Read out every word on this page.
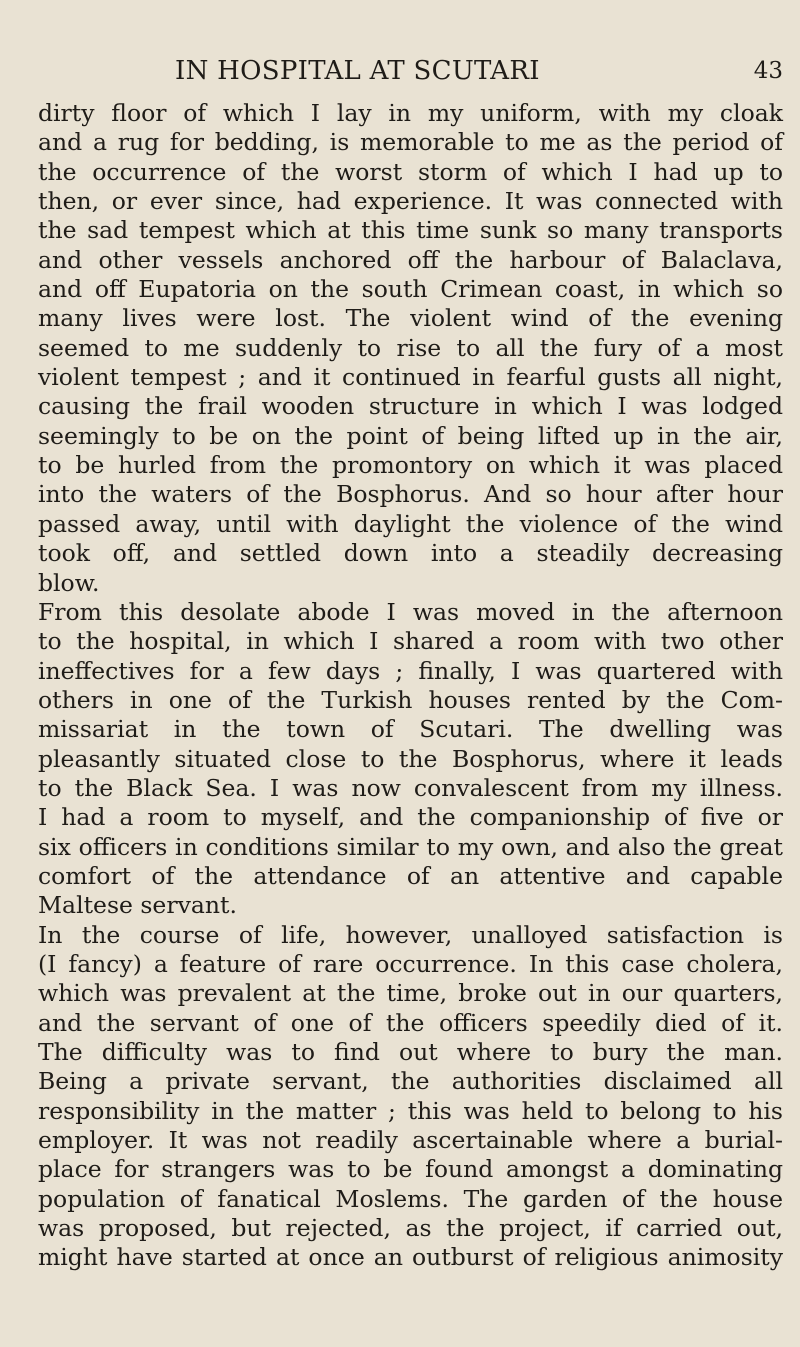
IN HOSPITAL AT SCUTARI	43
dirty floor of which I lay in my uniform, with my cloak
and a rug for bedding, is memorable to me as the period of
the occurrence of the worst storm of which I had up to
then, or ever since, had experience. It was connected with
the sad tempest which at this time sunk so many transports
and other vessels anchored off the harbour of Balaclava,
and off Eupatoria on the south Crimean coast, in which so
many lives were lost. The violent wind of the evening
seemed to me suddenly to rise to all the fury of a most
violent tempest ; and it continued in fearful gusts all night,
causing the frail wooden structure in which I was lodged
seemingly to be on the point of being lifted up in the air,
to be hurled from the promontory on which it was placed
into the waters of the Bosphorus. And so hour after hour
passed away, until with daylight the violence of the wind
took off, and settled down into a steadily decreasing
blow.
From this desolate abode I was moved in the afternoon
to the hospital, in which I shared a room with two other
ineffectives for a few days ; finally, I was quartered with
others in one of the Turkish houses rented by the Com-
missariat in the town of Scutari. The dwelling was
pleasantly situated close to the Bosphorus, where it leads
to the Black Sea. I was now convalescent from my illness.
I had a room to myself, and the companionship of five or
six officers in conditions similar to my own, and also the great
comfort of the attendance of an attentive and capable
Maltese servant.
In the course of life, however, unalloyed satisfaction is
(I fancy) a feature of rare occurrence. In this case cholera,
which was prevalent at the time, broke out in our quarters,
and the servant of one of the officers speedily died of it.
The difficulty was to find out where to bury the man.
Being a private servant, the authorities disclaimed all
responsibility in the matter ; this was held to belong to his
employer. It was not readily ascertainable where a burial-
place for strangers was to be found amongst a dominating
population of fanatical Moslems. The garden of the house
was proposed, but rejected, as the project, if carried out,
might have started at once an outburst of religious animosity
